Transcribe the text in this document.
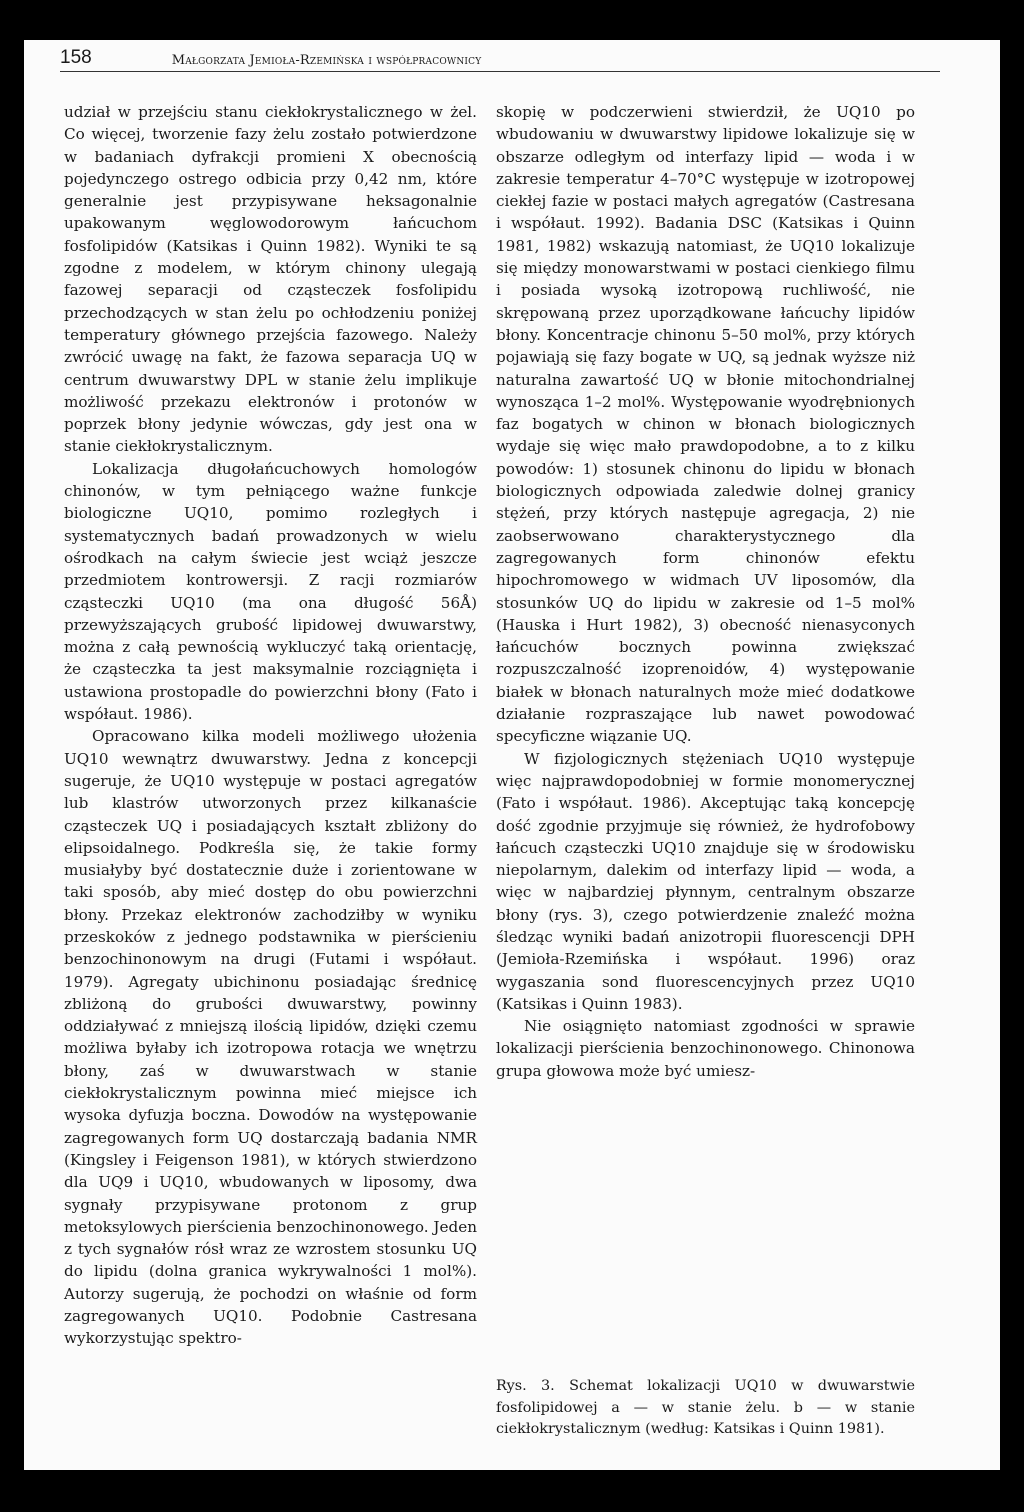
158	Małgorzata Jemioła-Rzemińska i współpracownicy

udział w przejściu stanu ciekłokrystalicznego w żel. Co więcej, tworzenie fazy żelu zostało potwierdzone w badaniach dyfrakcji promieni X obecnością pojedynczego ostrego odbicia przy 0,42 nm, które generalnie jest przypisywane heksagonalnie upakowanym węglowodorowym łańcuchom fosfolipidów (Katsikas i Quinn 1982). Wyniki te są zgodne z modelem, w którym chinony ulegają fazowej separacji od cząsteczek fosfolipidu przechodzących w stan żelu po ochłodzeniu poniżej temperatury głównego przejścia fazowego. Należy zwrócić uwagę na fakt, że fazowa separacja UQ w centrum dwuwarstwy DPL w stanie żelu implikuje możliwość przekazu elektronów i protonów w poprzek błony jedynie wówczas, gdy jest ona w stanie ciekłokrystalicznym.

Lokalizacja długołańcuchowych homologów chinonów, w tym pełniącego ważne funkcje biologiczne UQ10, pomimo rozległych i systematycznych badań prowadzonych w wielu ośrodkach na całym świecie jest wciąż jeszcze przedmiotem kontrowersji. Z racji rozmiarów cząsteczki UQ10 (ma ona długość 56Å) przewyższających grubość lipidowej dwuwarstwy, można z całą pewnością wykluczyć taką orientację, że cząsteczka ta jest maksymalnie rozciągnięta i ustawiona prostopadle do powierzchni błony (Fato i współaut. 1986).

Opracowano kilka modeli możliwego ułożenia UQ10 wewnątrz dwuwarstwy. Jedna z koncepcji sugeruje, że UQ10 występuje w postaci agregatów lub klastrów utworzonych przez kilkanaście cząsteczek UQ i posiadających kształt zbliżony do elipsoidalnego. Podkreśla się, że takie formy musiałyby być dostatecznie duże i zorientowane w taki sposób, aby mieć dostęp do obu powierzchni błony. Przekaz elektronów zachodziłby w wyniku przeskoków z jednego podstawnika w pierścieniu benzochinonowym na drugi (Futami i współaut. 1979). Agregaty ubichinonu posiadając średnicę zbliżoną do grubości dwuwarstwy, powinny oddziaływać z mniejszą ilością lipidów, dzięki czemu możliwa byłaby ich izotropowa rotacja we wnętrzu błony, zaś w dwuwarstwach w stanie ciekłokrystalicznym powinna mieć miejsce ich wysoka dyfuzja boczna. Dowodów na występowanie zagregowanych form UQ dostarczają badania NMR (Kingsley i Feigenson 1981), w których stwierdzono dla UQ9 i UQ10, wbudowanych w liposomy, dwa sygnały przypisywane protonom z grup metoksylowych pierścienia benzochinonowego. Jeden z tych sygnałów rósł wraz ze wzrostem stosunku UQ do lipidu (dolna granica wykrywalności 1 mol%). Autorzy sugerują, że pochodzi on właśnie od form zagregowanych UQ10. Podobnie Castresana wykorzystując spektro-

skopię w podczerwieni stwierdził, że UQ10 po wbudowaniu w dwuwarstwy lipidowe lokalizuje się w obszarze odległym od interfazy lipid — woda i w zakresie temperatur 4–70°C występuje w izotropowej ciekłej fazie w postaci małych agregatów (Castresana i współaut. 1992). Badania DSC (Katsikas i Quinn 1981, 1982) wskazują natomiast, że UQ10 lokalizuje się między monowarstwami w postaci cienkiego filmu i posiada wysoką izotropową ruchliwość, nie skrępowaną przez uporządkowane łańcuchy lipidów błony. Koncentracje chinonu 5–50 mol%, przy których pojawiają się fazy bogate w UQ, są jednak wyższe niż naturalna zawartość UQ w błonie mitochondrialnej wynosząca 1–2 mol%. Występowanie wyodrębnionych faz bogatych w chinon w błonach biologicznych wydaje się więc mało prawdopodobne, a to z kilku powodów: 1) stosunek chinonu do lipidu w błonach biologicznych odpowiada zaledwie dolnej granicy stężeń, przy których następuje agregacja, 2) nie zaobserwowano charakterystycznego dla zagregowanych form chinonów efektu hipochromowego w widmach UV liposomów, dla stosunków UQ do lipidu w zakresie od 1–5 mol% (Hauska i Hurt 1982), 3) obecność nienasyconych łańcuchów bocznych powinna zwiększać rozpuszczalność izoprenoidów, 4) występowanie białek w błonach naturalnych może mieć dodatkowe działanie rozpraszające lub nawet powodować specyficzne wiązanie UQ.

W fizjologicznych stężeniach UQ10 występuje więc najprawdopodobniej w formie monomerycznej (Fato i współaut. 1986). Akceptując taką koncepcję dość zgodnie przyjmuje się również, że hydrofobowy łańcuch cząsteczki UQ10 znajduje się w środowisku niepolarnym, dalekim od interfazy lipid — woda, a więc w najbardziej płynnym, centralnym obszarze błony (rys. 3), czego potwierdzenie znaleźć można śledząc wyniki badań anizotropii fluorescencji DPH (Jemioła-Rzemińska i współaut. 1996) oraz wygaszania sond fluorescencyjnych przez UQ10 (Katsikas i Quinn 1983).

Nie osiągnięto natomiast zgodności w sprawie lokalizacji pierścienia benzochinonowego. Chinonowa grupa głowowa może być umiesz-

Rys. 3. Schemat lokalizacji UQ10 w dwuwarstwie fosfolipidowej a — w stanie żelu. b — w stanie ciekłokrystalicznym (według: Katsikas i Quinn 1981).
